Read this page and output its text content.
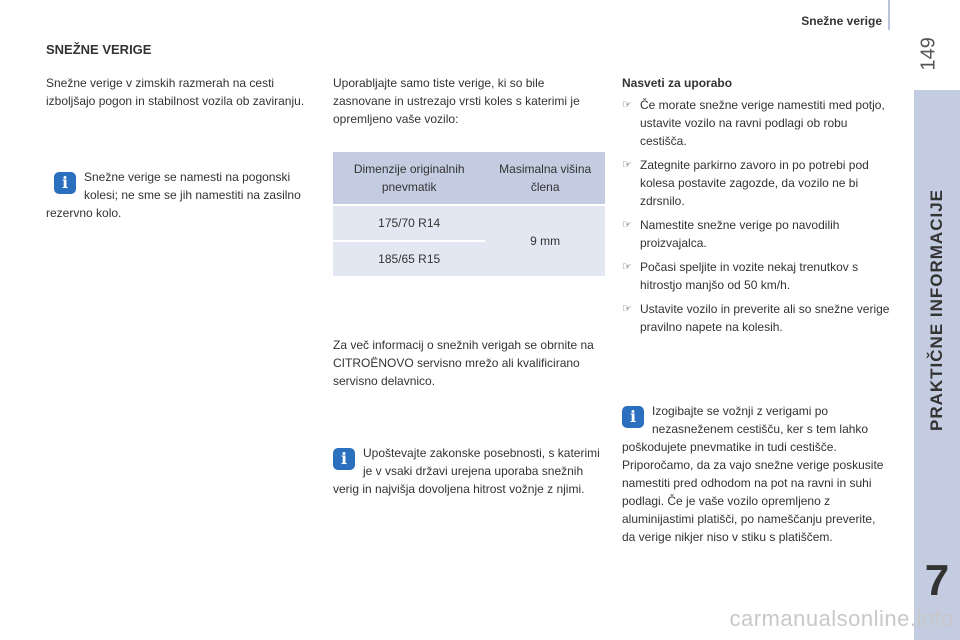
Snežne verige
149
PRAKTIČNE INFORMACIJE
7
SNEŽNE VERIGE

Snežne verige v zimskih razmerah na cesti izboljšajo pogon in stabilnost vozila ob zaviranju.

i	Snežne verige se namesti na pogonski kolesi; ne sme se jih namestiti na zasilno rezervno kolo.

Uporabljajte samo tiste verige, ki so bile zasnovane in ustrezajo vrsti koles s katerimi je opremljeno vaše vozilo:

Dimenzije originalnih pnevmatik	Masimalna višina člena
175/70 R14	9 mm
185/65 R15	

Za več informacij o snežnih verigah se obrnite na CITROËNOVO servisno mrežo ali kvalificirano servisno delavnico.

i	Upoštevajte zakonske posebnosti, s katerimi je v vsaki državi urejena uporaba snežnih verig in najvišja dovoljena hitrost vožnje z njimi.

Nasveti za uporabo

☞ Če morate snežne verige namestiti med potjo, ustavite vozilo na ravni podlagi ob robu cestišča.
☞ Zategnite parkirno zavoro in po potrebi pod kolesa postavite zagozde, da vozilo ne bi zdrsnilo.
☞ Namestite snežne verige po navodilih proizvajalca.
☞ Počasi speljite in vozite nekaj trenutkov s hitrostjo manjšo od 50 km/h.
☞ Ustavite vozilo in preverite ali so snežne verige pravilno napete na kolesih.

i	Izogibajte se vožnji z verigami po nezasneženem cestišču, ker s tem lahko poškodujete pnevmatike in tudi cestišče. Priporočamo, da za vajo snežne verige poskusite namestiti pred odhodom na pot na ravni in suhi podlagi. Če je vaše vozilo opremljeno z aluminijastimi platišči, po nameščanju preverite, da verige nikjer niso v stiku s platiščem.

carmanualsonline.info
